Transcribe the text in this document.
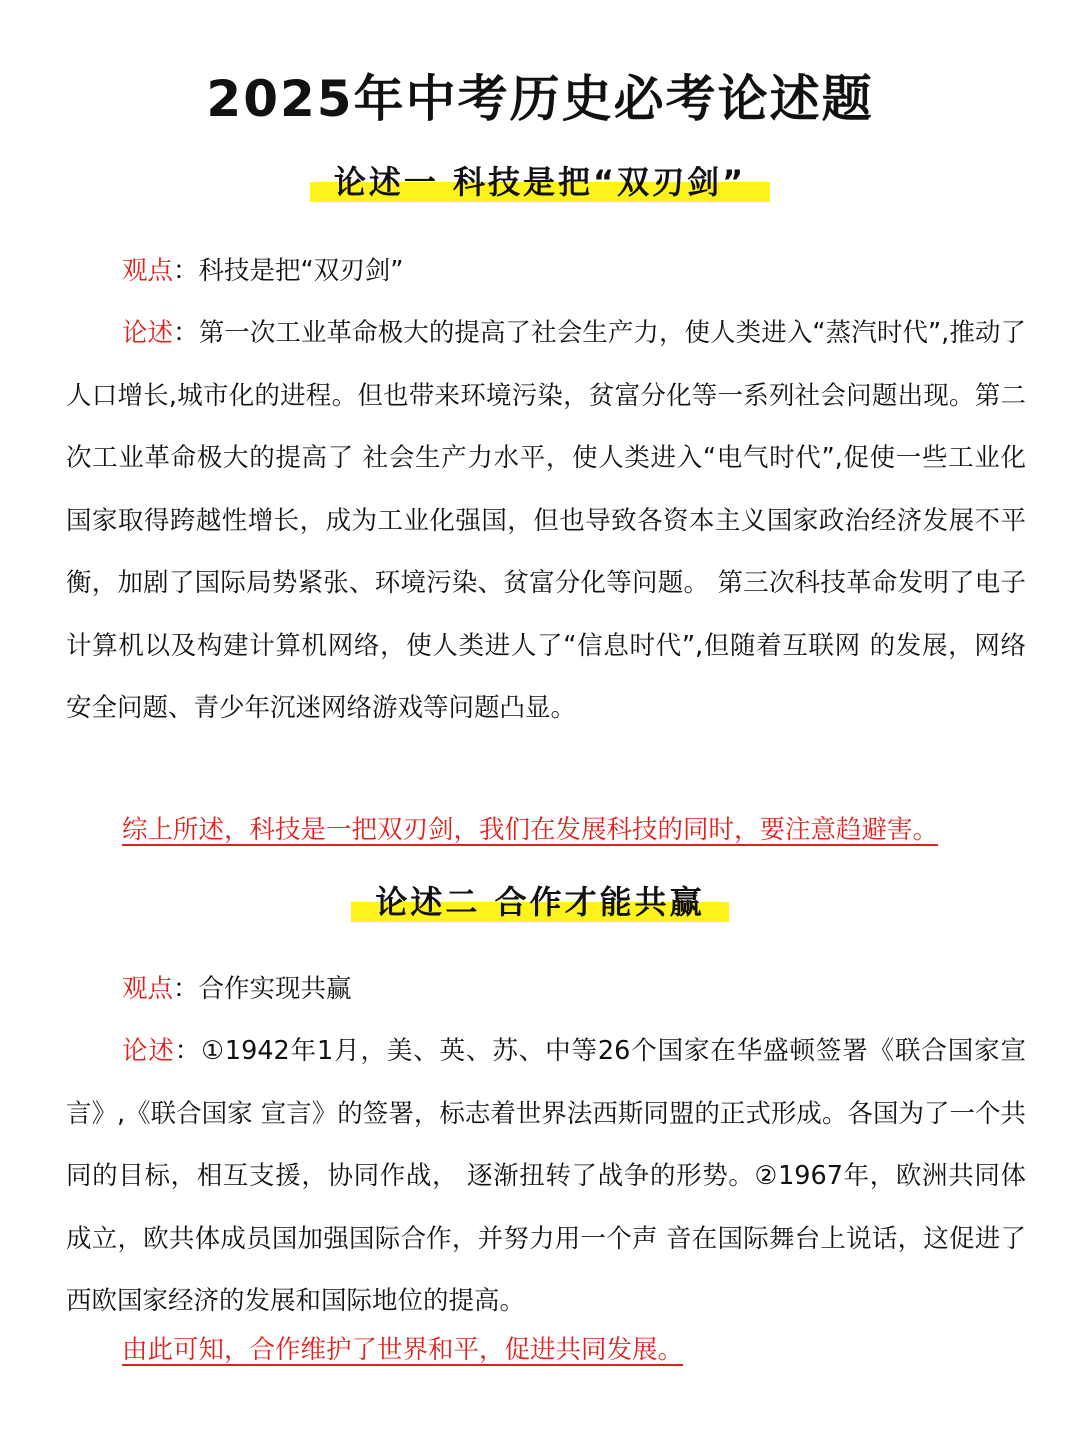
2025年中考历史必考论述题
论述一 科技是把“双刃剑”

观点：科技是把“双刃剑”

论述：第一次工业革命极大的提高了社会生产力，使人类进入“蒸汽时代”,推动了人口增长,城市化的进程。但也带来环境污染，贫富分化等一系列社会问题出现。第二次工业革命极大的提高了 社会生产力水平，使人类进入“电气时代”,促使一些工业化国家取得跨越性增长，成为工业化强国，但也导致各资本主义国家政治经济发展不平衡，加剧了国际局势紧张、环境污染、贫富分化等问题。 第三次科技革命发明了电子计算机以及构建计算机网络，使人类进人了“信息时代”,但随着互联网 的发展，网络安全问题、青少年沉迷网络游戏等问题凸显。

综上所述，科技是一把双刃剑，我们在发展科技的同时，要注意趋避害。

论述二 合作才能共赢

观点：合作实现共赢

论述：①1942年1月，美、英、苏、中等26个国家在华盛顿签署《联合国家宣言》,《联合国家 宣言》的签署，标志着世界法西斯同盟的正式形成。各国为了一个共同的目标，相互支援，协同作战， 逐渐扭转了战争的形势。②1967年，欧洲共同体成立，欧共体成员国加强国际合作，并努力用一个声 音在国际舞台上说话，这促进了西欧国家经济的发展和国际地位的提高。

由此可知，合作维护了世界和平，促进共同发展。
